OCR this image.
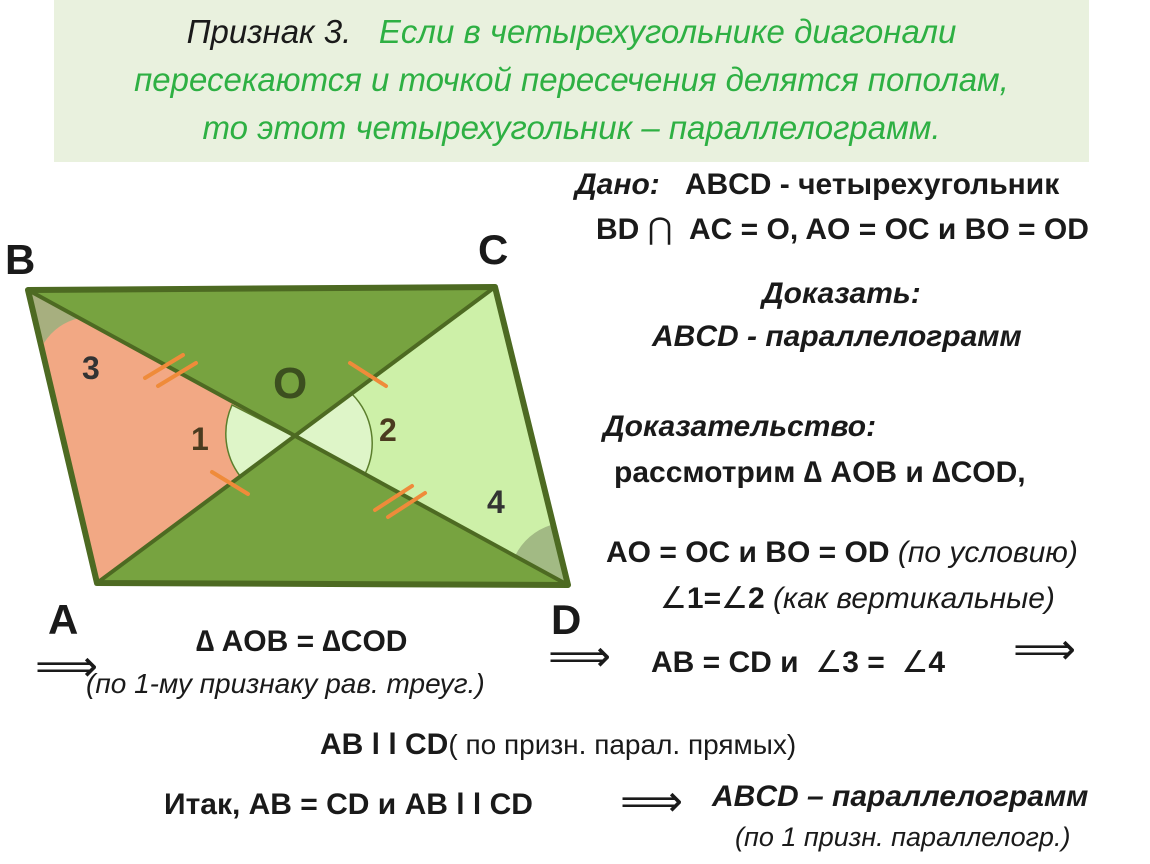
Признак 3. Если в четырехугольнике диагонали
пересекаются и точкой пересечения делятся пополам,
то этот четырехугольник – параллелограмм.
Дано: ABCD - четырехугольник
BD ⋂ AC = O, AO = OC и BO = OD
Доказать:
ABCD - параллелограмм
Доказательство:
рассмотрим ∆ AOB и ∆COD,
AO = OC и BO = OD (по условию)
∠1=∠2 (как вертикальные)
⟹
∆ AOB = ∆COD
(по 1-му признаку рав. треуг.)
⟹ AB = CD и  ∠3 =  ∠4 ⟹
AB l l CD( по призн. парал. прямых)
Итак, AB = CD и AB l l CD ⟹ ABCD – параллелограмм
(по 1 призн. параллелогр.)
B	C
A	D
O
3
1	2
4
